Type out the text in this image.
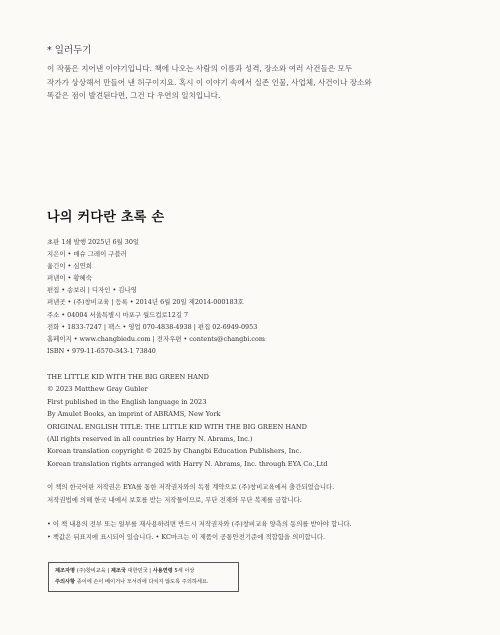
* 일러두기
이 작품은 지어낸 이야기입니다. 책에 나오는 사람의 이름과 성격, 장소와 여러 사건들은 모두
작가가 상상해서 만들어 낸 허구이지요. 혹시 이 이야기 속에서 실존 인물, 사업체, 사건이나 장소와
똑같은 점이 발견된다면, 그건 다 우연의 일치입니다.
나의 커다란 초록 손
초판 1쇄 발행 2025년 6월 30일
지은이 • 매슈 그레이 구블러
옮긴이 • 심연희
펴낸이 • 황혜숙
편집 • 송보리 | 디자인 • 김나영
펴낸곳 • (주)창비교육 | 등록 • 2014년 6월 20일 제2014-000183호
주소 • 04004 서울특별시 마포구 월드컵로12길 7
전화 • 1833-7247 | 팩스 • 영업 070-4838-4938 | 편집 02-6949-0953
홈페이지 • www.changbiedu.com | 전자우편 • contents@changbi.com
ISBN • 979-11-6570-343-1 73840
THE LITTLE KID WITH THE BIG GREEN HAND
© 2023 Matthew Gray Gubler
First published in the English language in 2023
By Amulet Books, an imprint of ABRAMS, New York
ORIGINAL ENGLISH TITLE: THE LITTLE KID WITH THE BIG GREEN HAND
(All rights reserved in all countries by Harry N. Abrams, Inc.)
Korean translation copyright © 2025 by Changbi Education Publishers, Inc.
Korean translation rights arranged with Harry N. Abrams, Inc. through EYA Co.,Ltd
이 책의 한국어판 저작권은 EYA를 통한 저작권자와의 독점 계약으로 (주)창비교육에서 출간되었습니다.
저작권법에 의해 한국 내에서 보호를 받는 저작물이므로, 무단 전재와 무단 복제를 금합니다.
• 이 책 내용의 전부 또는 일부를 재사용하려면 반드시 저작권자와 (주)창비교육 양측의 동의를 받아야 합니다.
• 책값은 뒤표지에 표시되어 있습니다. • KC마크는 이 제품이 공통안전기준에 적합함을 의미합니다.
제조자명 (주)창비교육 | 제조국 대한민국 | 사용연령 5세 이상
주의사항 종이에 손이 베이거나 모서리에 다치지 않도록 주의하세요.
